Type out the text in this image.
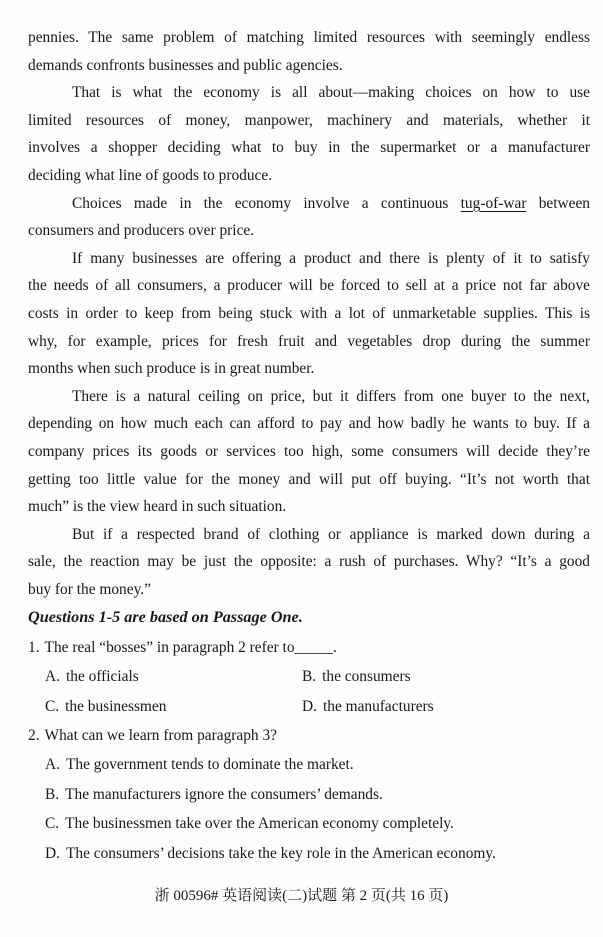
pennies. The same problem of matching limited resources with seemingly endless
demands confronts businesses and public agencies.
That is what the economy is all about—making choices on how to use
limited resources of money, manpower, machinery and materials, whether it
involves a shopper deciding what to buy in the supermarket or a manufacturer
deciding what line of goods to produce.
Choices made in the economy involve a continuous tug-of-war between
consumers and producers over price.
If many businesses are offering a product and there is plenty of it to satisfy
the needs of all consumers, a producer will be forced to sell at a price not far above
costs in order to keep from being stuck with a lot of unmarketable supplies. This is
why, for example, prices for fresh fruit and vegetables drop during the summer
months when such produce is in great number.
There is a natural ceiling on price, but it differs from one buyer to the next,
depending on how much each can afford to pay and how badly he wants to buy. If a
company prices its goods or services too high, some consumers will decide they’re
getting too little value for the money and will put off buying. “It’s not worth that
much” is the view heard in such situation.
But if a respected brand of clothing or appliance is marked down during a
sale, the reaction may be just the opposite: a rush of purchases. Why? “It’s a good
buy for the money.”
Questions 1-5 are based on Passage One.
1. The real “bosses” in paragraph 2 refer to_____.
A. the officials	B. the consumers
C. the businessmen	D. the manufacturers
2. What can we learn from paragraph 3?
A. The government tends to dominate the market.
B. The manufacturers ignore the consumers’ demands.
C. The businessmen take over the American economy completely.
D. The consumers’ decisions take the key role in the American economy.
浙 00596# 英语阅读(二)试题 第 2 页(共 16 页)
